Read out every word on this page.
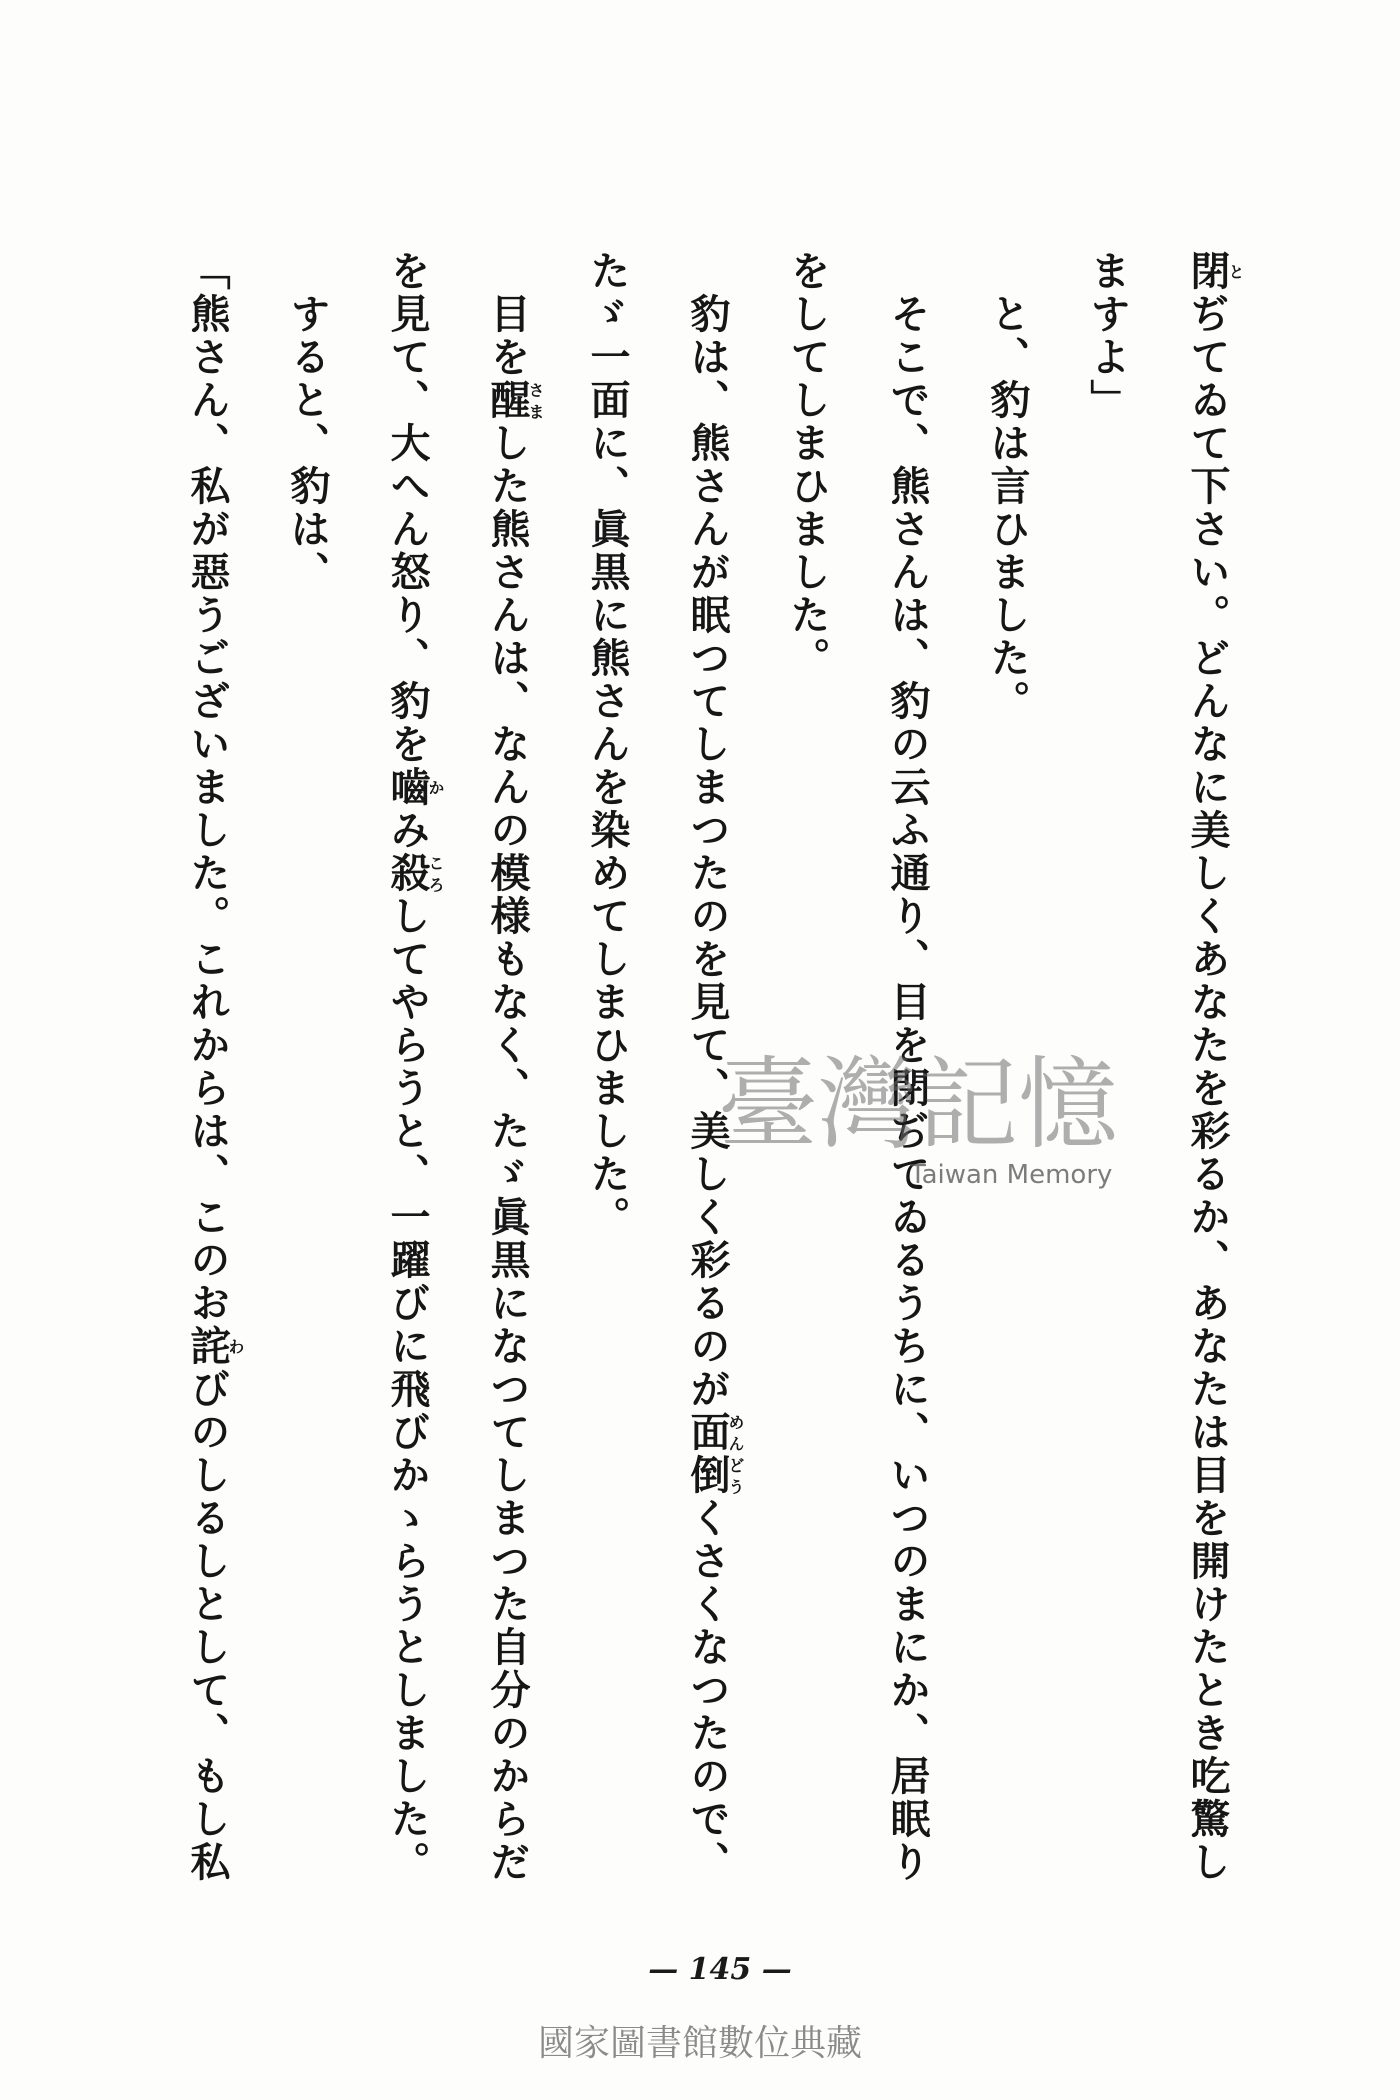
閉とぢてゐて下さい。どんなに美しくあなたを彩るか、あなたは目を開けたとき吃驚し
ますよ」
と、豹は言ひました。
そこで、熊さんは、豹の云ふ通り、目を閉ぢてゐるうちに、いつのまにか、居眠り
をしてしまひました。
豹は、熊さんが眠つてしまつたのを見て、美しく彩るのが面倒めんどうくさくなつたので、
たゞ一面に、眞黒に熊さんを染めてしまひました。
目を醒さました熊さんは、なんの模様もなく、たゞ眞黒になつてしまつた自分のからだ
を見て、大へん怒り、豹を嚙かみ殺ころしてやらうと、一躍びに飛びかゝらうとしました。
すると、豹は、
「熊さん、私が惡うございました。これからは、このお詫わびのしるしとして、もし私
臺灣記憶
Taiwan Memory
— 145 —
國家圖書館數位典藏
